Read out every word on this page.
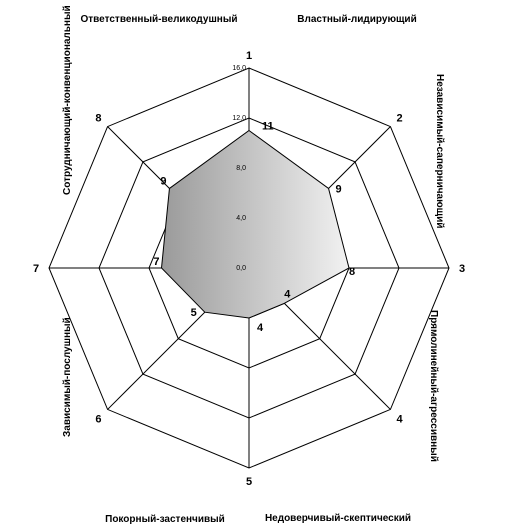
0,0
4,0
8,0
12,0
16,0
11
9
8
4
4
5
7
9
1
2
3
4
5
6
7
8
Властный-лидирующий
Независимый-саперничающий
Прямолинейный-агрессивный
Недоверчивый-скептический
Покорный-застенчивый
Зависимый-послушный
Сотрудничающий-конвенциональный Ответственный-великодушный
